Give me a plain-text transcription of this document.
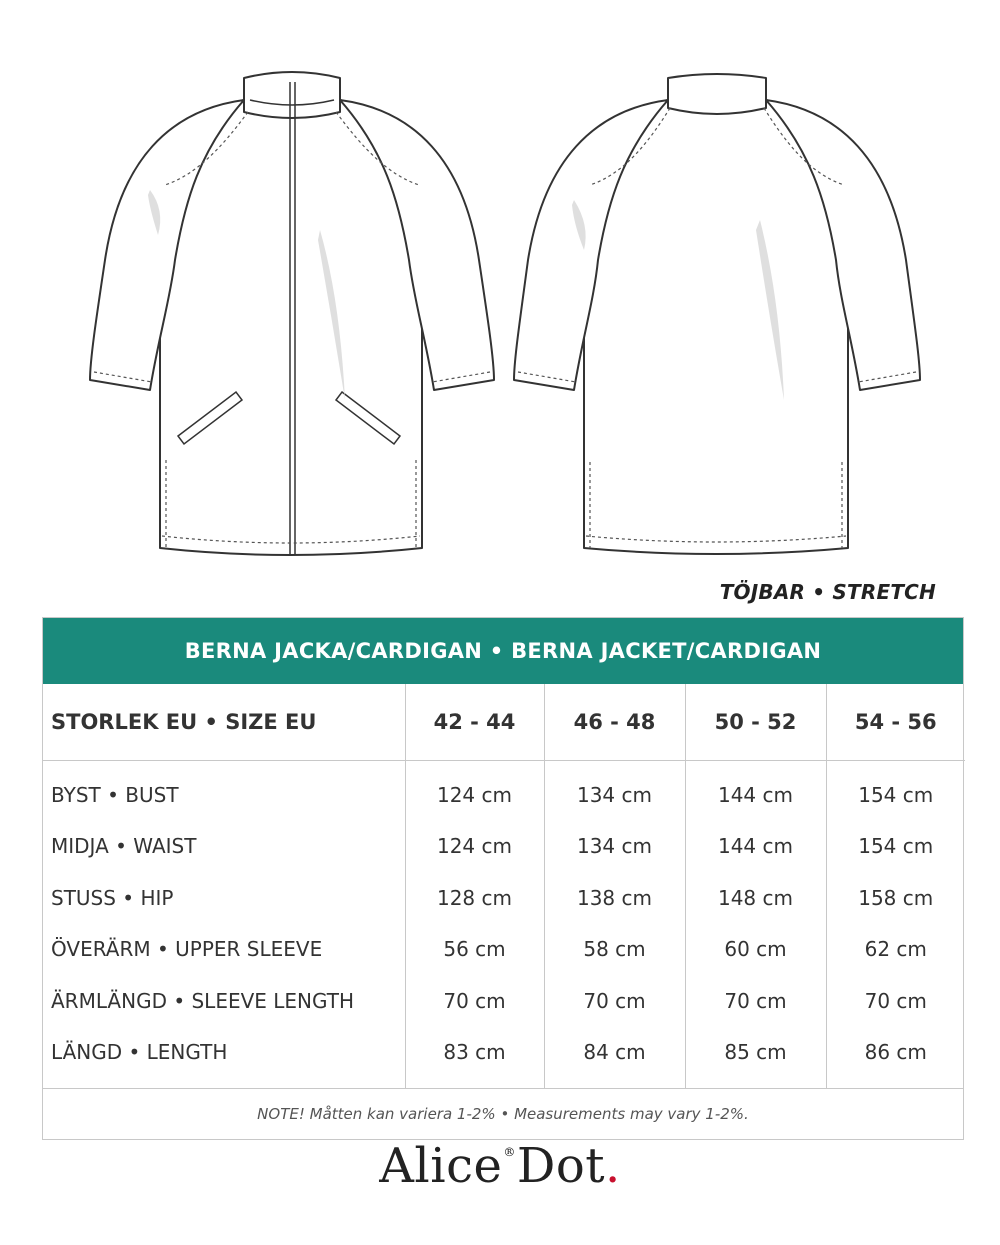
TÖJBAR • STRETCH
BERNA JACKA/CARDIGAN • BERNA JACKET/CARDIGAN
STORLEK EU • SIZE EU	42 - 44	46 - 48	50 - 52	54 - 56
BYST • BUST	124 cm	134 cm	144 cm	154 cm
MIDJA • WAIST	124 cm	134 cm	144 cm	154 cm
STUSS • HIP	128 cm	138 cm	148 cm	158 cm
ÖVERÄRM • UPPER SLEEVE	56 cm	58 cm	60 cm	62 cm
ÄRMLÄNGD • SLEEVE LENGTH	70 cm	70 cm	70 cm	70 cm
LÄNGD • LENGTH	83 cm	84 cm	85 cm	86 cm
NOTE! Måtten kan variera 1-2% • Measurements may vary 1-2%.
Alice®Dot.
